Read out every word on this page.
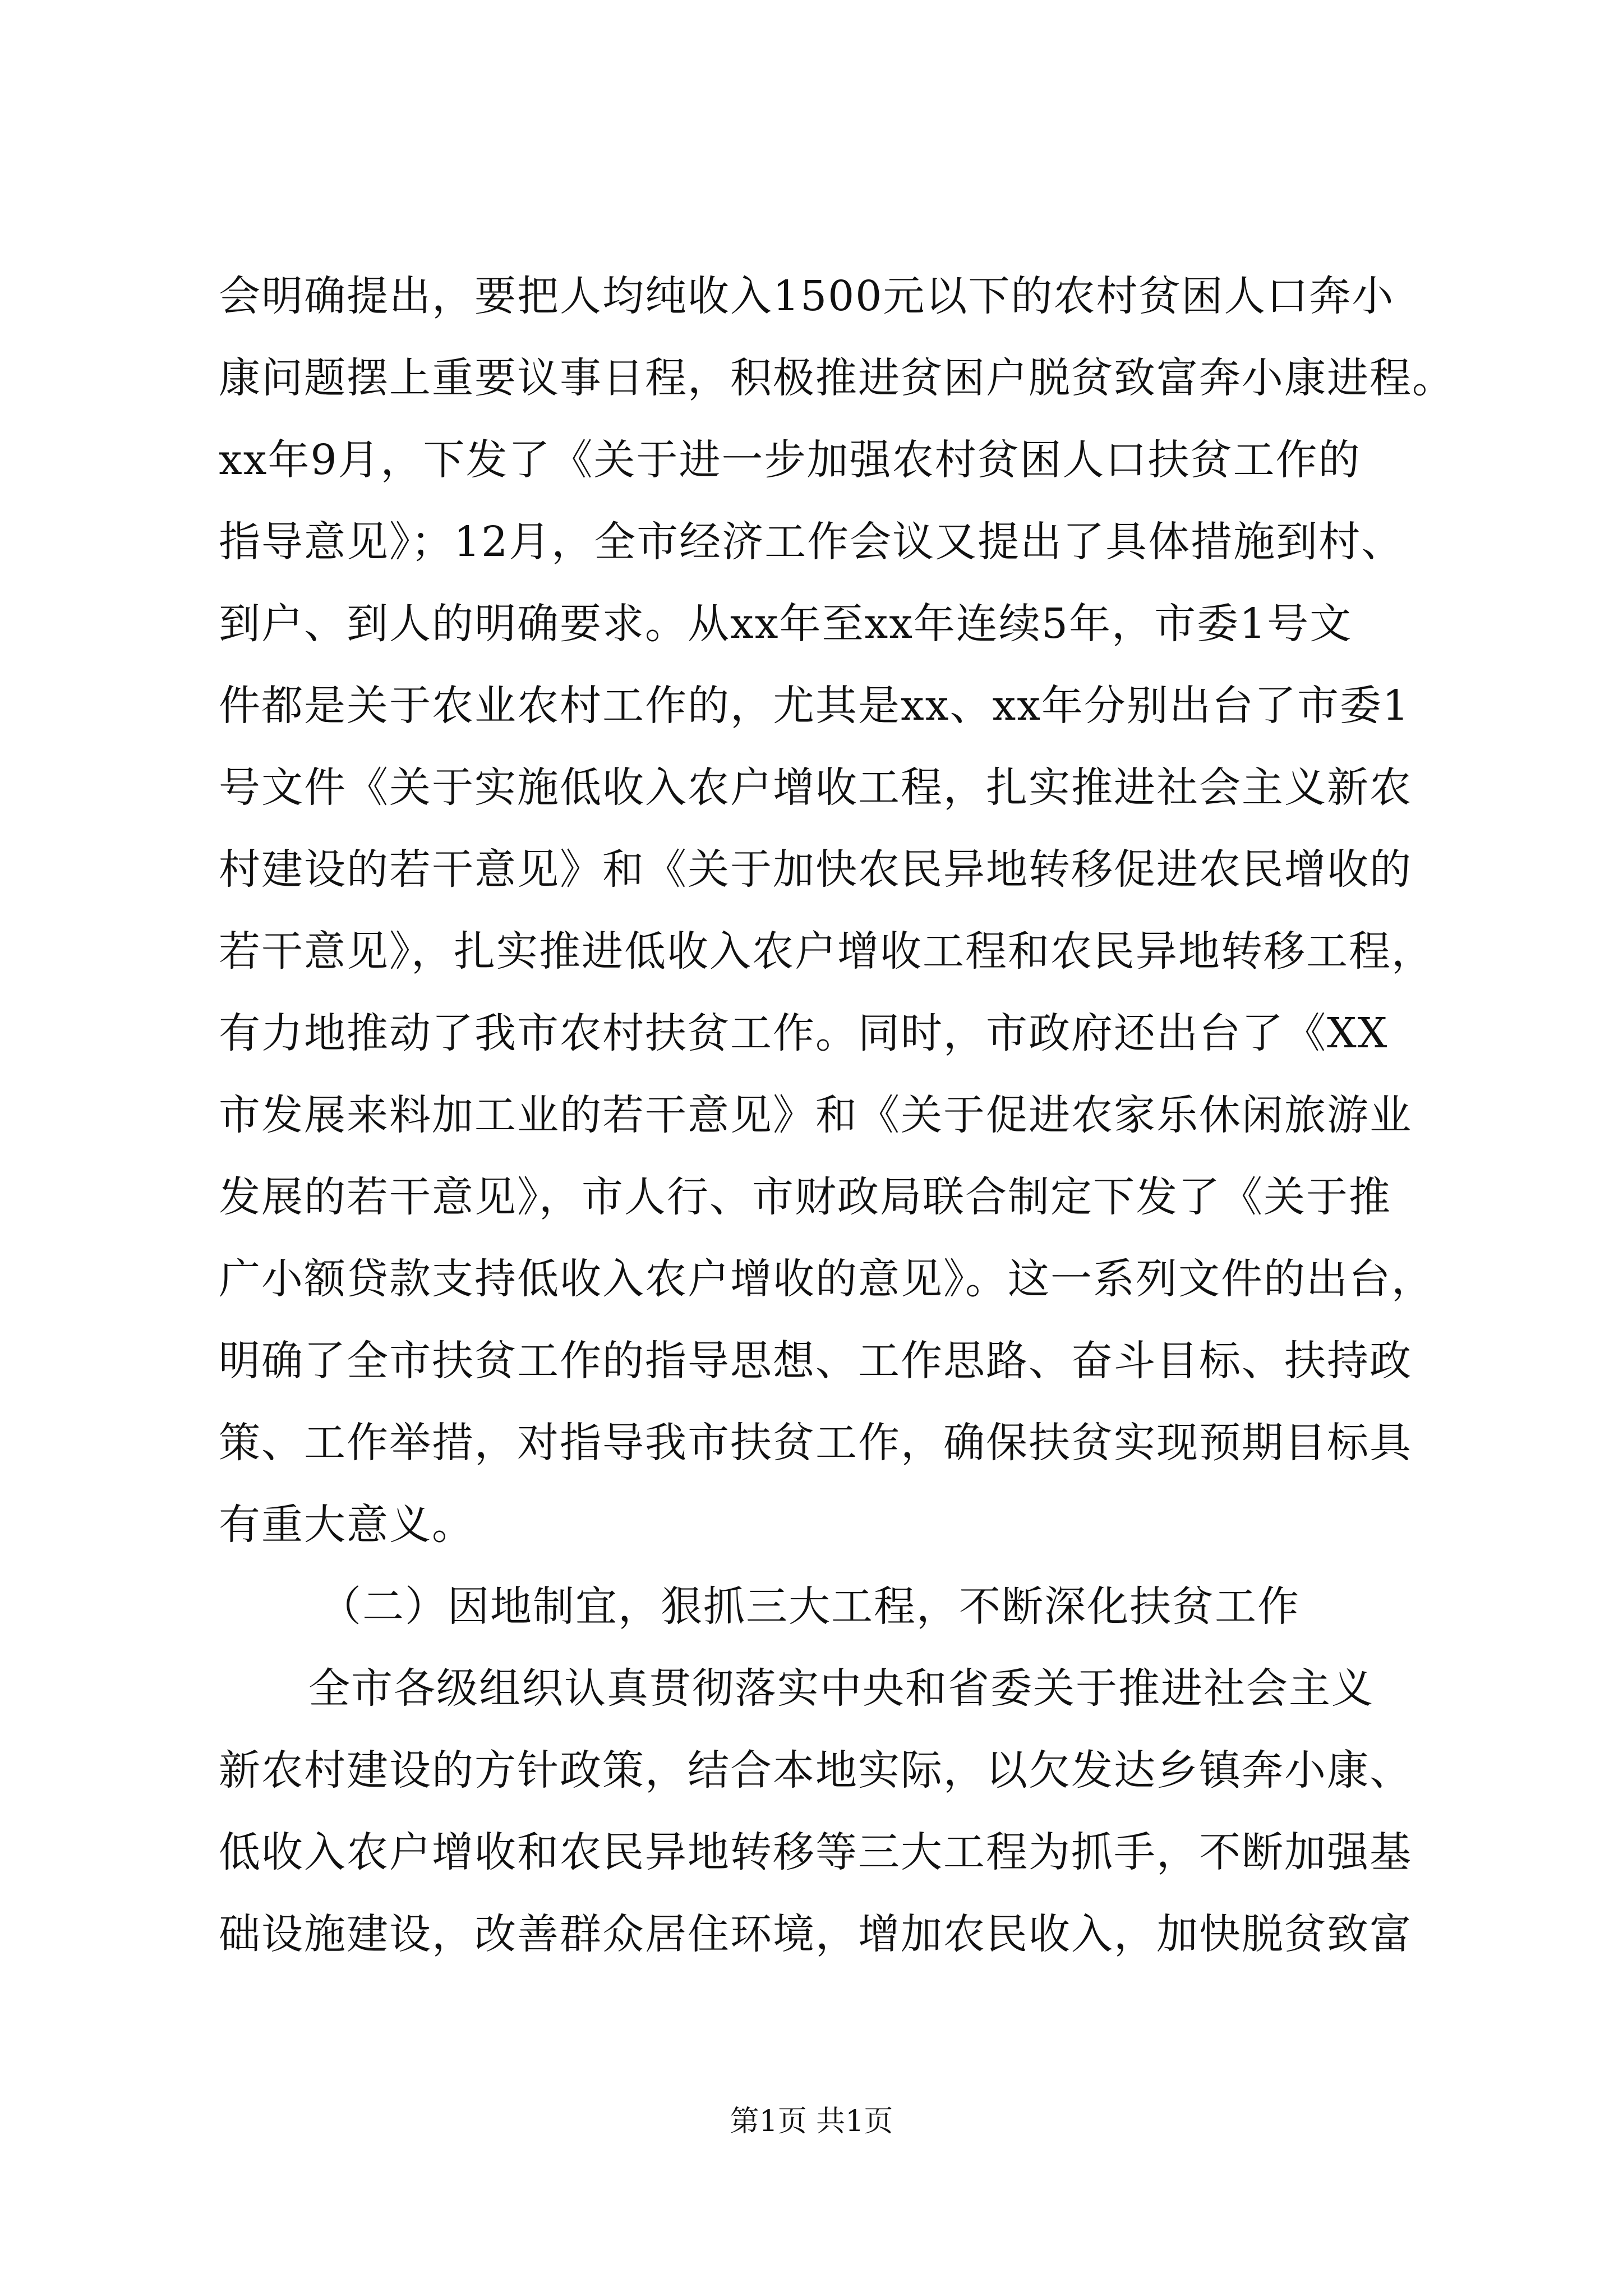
会明确提出，要把人均纯收入1500元以下的农村贫困人口奔小
康问题摆上重要议事日程，积极推进贫困户脱贫致富奔小康进程。
xx年9月，下发了《关于进一步加强农村贫困人口扶贫工作的
指导意见》；12月，全市经济工作会议又提出了具体措施到村、
到户、到人的明确要求。从xx年至xx年连续5年，市委1号文
件都是关于农业农村工作的，尤其是xx、xx年分别出台了市委1
号文件《关于实施低收入农户增收工程，扎实推进社会主义新农
村建设的若干意见》和《关于加快农民异地转移促进农民增收的
若干意见》，扎实推进低收入农户增收工程和农民异地转移工程，
有力地推动了我市农村扶贫工作。同时，市政府还出台了《XX
市发展来料加工业的若干意见》和《关于促进农家乐休闲旅游业
发展的若干意见》，市人行、市财政局联合制定下发了《关于推
广小额贷款支持低收入农户增收的意见》。这一系列文件的出台，
明确了全市扶贫工作的指导思想、工作思路、奋斗目标、扶持政
策、工作举措，对指导我市扶贫工作，确保扶贫实现预期目标具
有重大意义。
（二）因地制宜，狠抓三大工程，不断深化扶贫工作
全市各级组织认真贯彻落实中央和省委关于推进社会主义
新农村建设的方针政策，结合本地实际，以欠发达乡镇奔小康、
低收入农户增收和农民异地转移等三大工程为抓手，不断加强基
础设施建设，改善群众居住环境，增加农民收入，加快脱贫致富
第1页 共1页
